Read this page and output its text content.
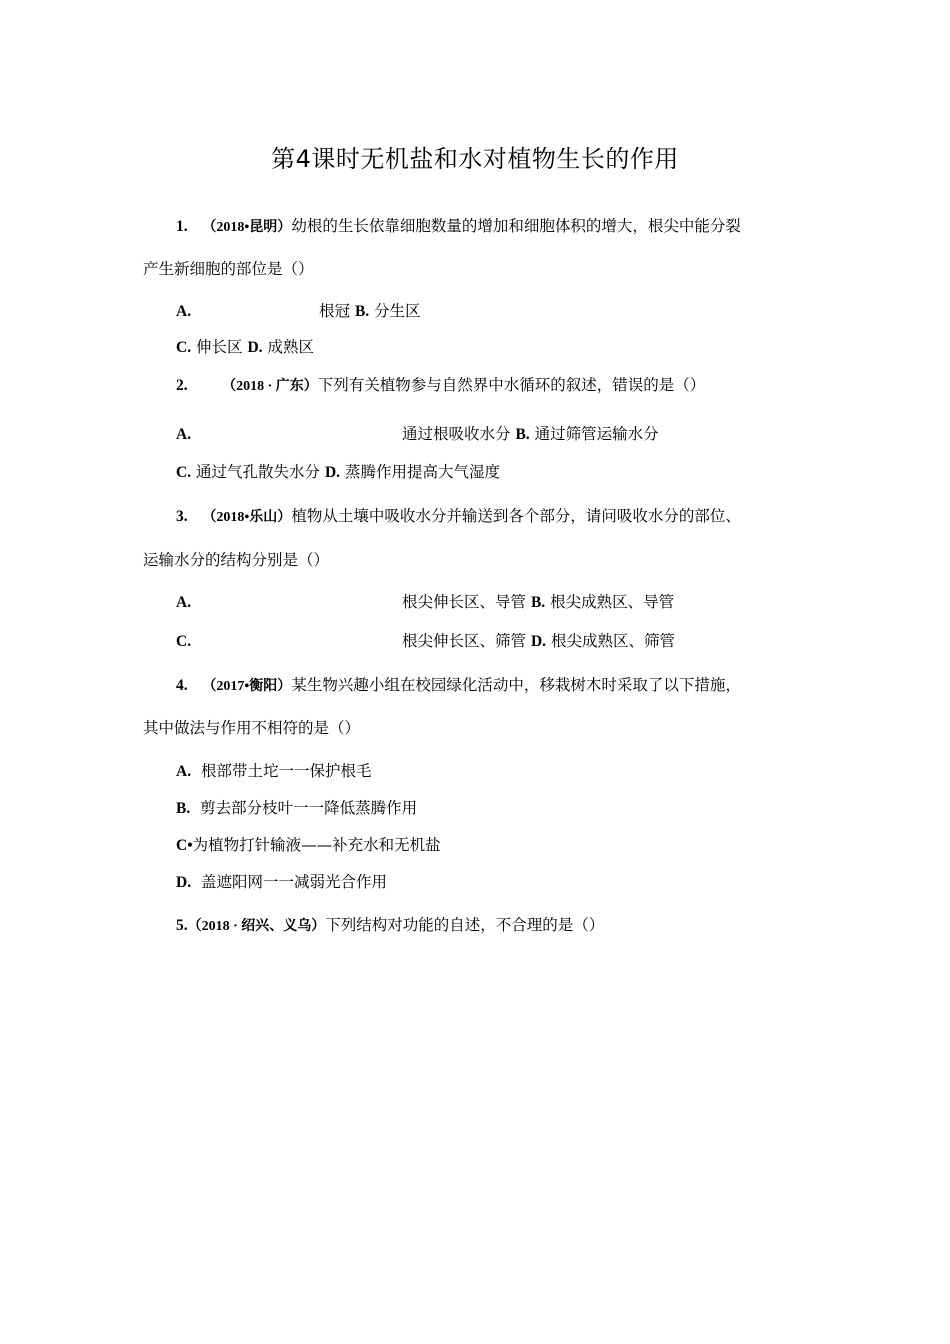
第4课时无机盐和水对植物生长的作用
1. （2018•昆明）幼根的生长依靠细胞数量的增加和细胞体积的增大，根尖中能分裂
产生新细胞的部位是（）
A.	根冠 B. 分生区
C. 伸长区 D. 成熟区
2. （2018 · 广东）下列有关植物参与自然界中水循环的叙述，错误的是（）
A.	通过根吸收水分 B. 通过筛管运输水分
C. 通过气孔散失水分 D. 蒸腾作用提高大气湿度
3. （2018•乐山）植物从土壤中吸收水分并输送到各个部分，请问吸收水分的部位、
运输水分的结构分别是（）
A.	根尖伸长区、导管 B. 根尖成熟区、导管
C.	根尖伸长区、筛管 D. 根尖成熟区、筛管
4. （2017•衡阳）某生物兴趣小组在校园绿化活动中，移栽树木时采取了以下措施，
其中做法与作用不相符的是（）
A. 根部带土坨一一保护根毛
B. 剪去部分枝叶一一降低蒸腾作用
C•为植物打针输液——补充水和无机盐
D. 盖遮阳网一一减弱光合作用
5.（2018 · 绍兴、义乌）下列结构对功能的自述，不合理的是（）
